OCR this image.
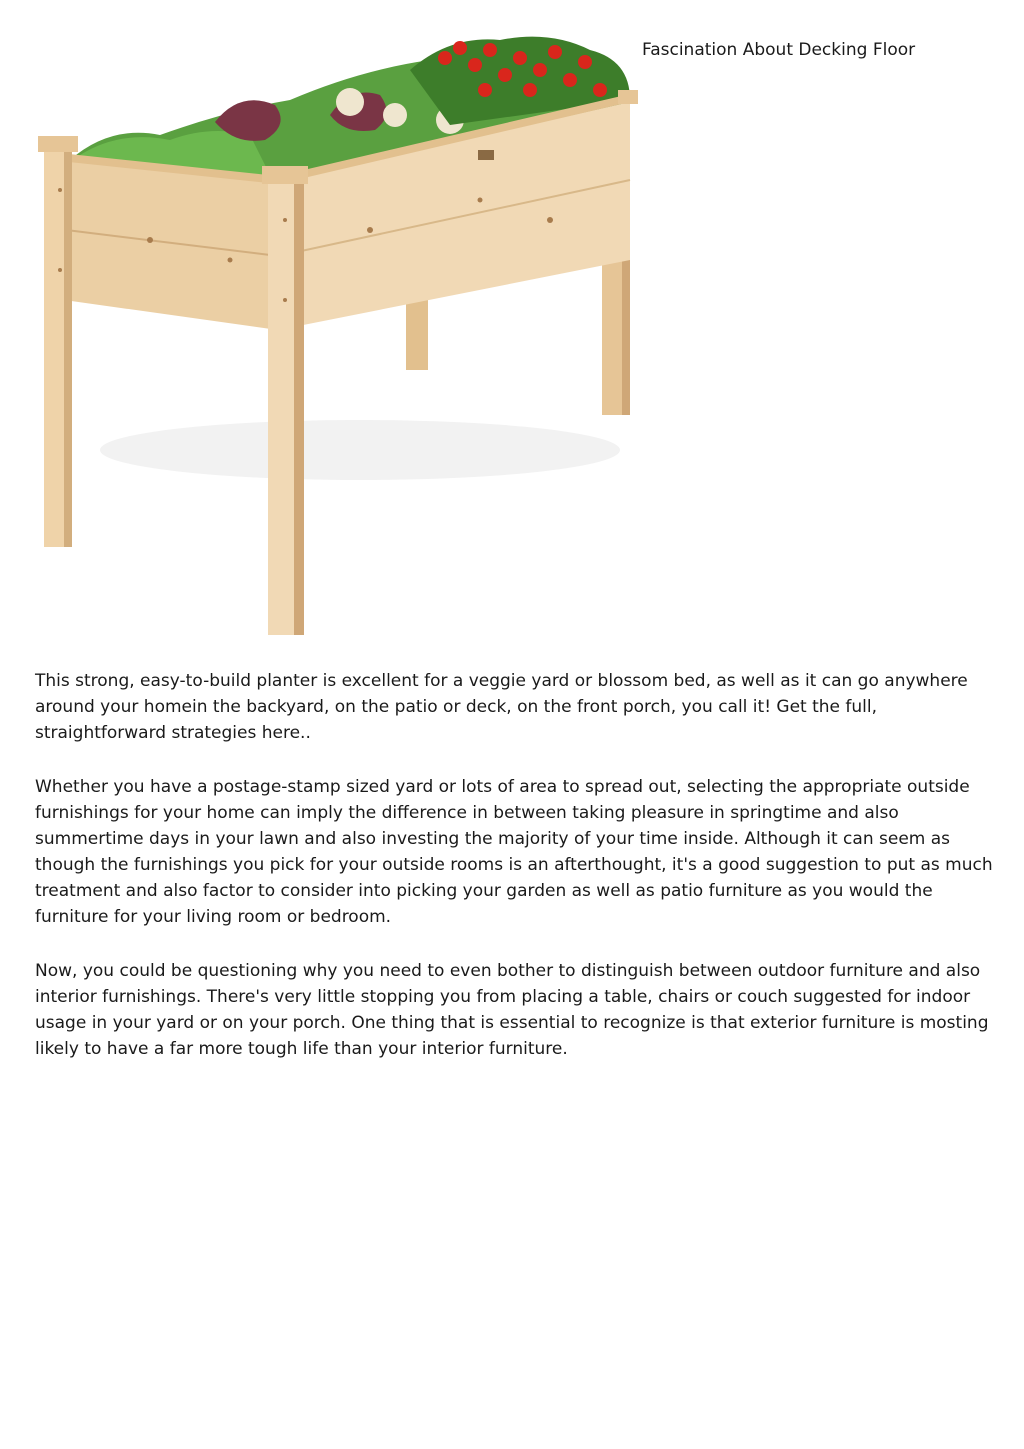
Fascination About Decking Floor

This strong, easy-to-build planter is excellent for a veggie yard or blossom bed, as well as it can go anywhere around your homein the backyard, on the patio or deck, on the front porch, you call it! Get the full, straightforward strategies here..

Whether you have a postage-stamp sized yard or lots of area to spread out, selecting the appropriate outside furnishings for your home can imply the difference in between taking pleasure in springtime and also summertime days in your lawn and also investing the majority of your time inside. Although it can seem as though the furnishings you pick for your outside rooms is an afterthought, it's a good suggestion to put as much treatment and also factor to consider into picking your garden as well as patio furniture as you would the furniture for your living room or bedroom.

Now, you could be questioning why you need to even bother to distinguish between outdoor furniture and also interior furnishings. There's very little stopping you from placing a table, chairs or couch suggested for indoor usage in your yard or on your porch. One thing that is essential to recognize is that exterior furniture is mosting likely to have a far more tough life than your interior furniture.
